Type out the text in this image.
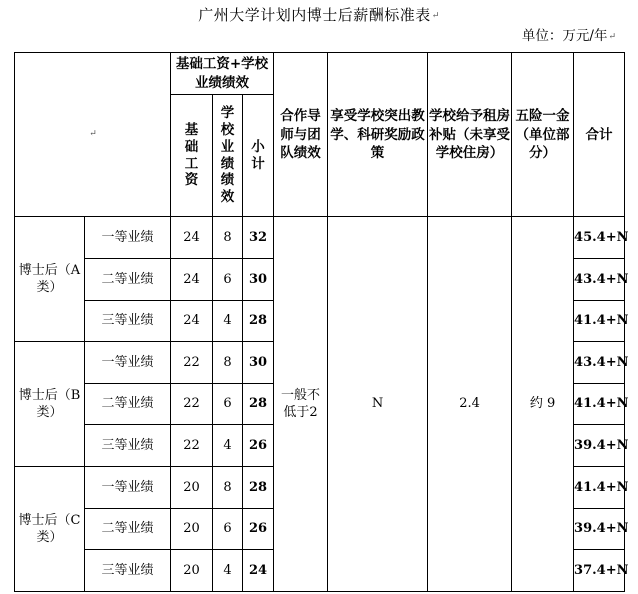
广州大学计划内博士后薪酬标准表↵
单位：万元/年↵
↵		基础工资+学校业绩绩效			合作导师与团队绩效	享受学校突出教学、科研奖励政策	学校给予租房补贴（未享受学校住房）	五险一金（单位部分）	合计
		基础工资	学校业绩绩效	小计					
博士后（A类）	一等业绩	24	8	32	一般不低于2	N	2.4	约 9	45.4+N
	二等业绩	24	6	30					43.4+N
	三等业绩	24	4	28					41.4+N
博士后（B类）	一等业绩	22	8	30					43.4+N
	二等业绩	22	6	28					41.4+N
	三等业绩	22	4	26					39.4+N
博士后（C类）	一等业绩	20	8	28					41.4+N
	二等业绩	20	6	26					39.4+N
	三等业绩	20	4	24					37.4+N
